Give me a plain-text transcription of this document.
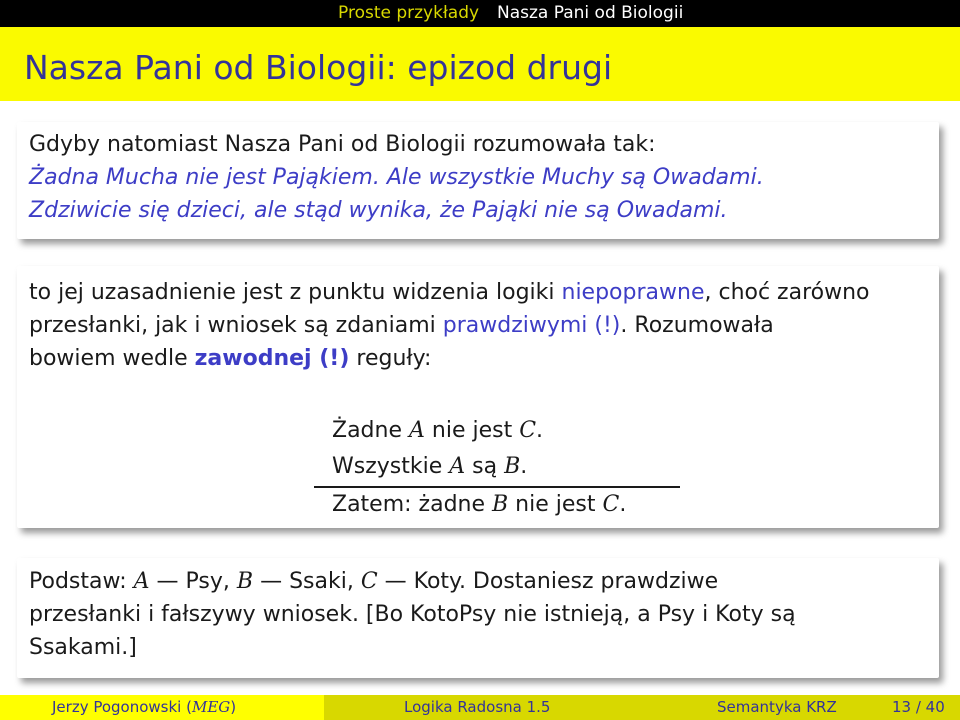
Proste przykłady Nasza Pani od Biologii
Nasza Pani od Biologii: epizod drugi

Gdyby natomiast Nasza Pani od Biologii rozumowała tak:

Żadna Mucha nie jest Pająkiem. Ale wszystkie Muchy są Owadami.

Zdziwicie się dzieci, ale stąd wynika, że Pająki nie są Owadami.

to jej uzasadnienie jest z punktu widzenia logiki niepoprawne, choć zarówno

przesłanki, jak i wniosek są zdaniami prawdziwymi (!). Rozumowała

bowiem wedle zawodnej (!) reguły:

Żadne A nie jest C.
Wszystkie A są B.
Zatem: żadne B nie jest C.

Podstaw: A — Psy, B — Ssaki, C — Koty. Dostaniesz prawdziwe

przesłanki i fałszywy wniosek. [Bo KotoPsy nie istnieją, a Psy i Koty są

Ssakami.]

Jerzy Pogonowski (MEG)	Logika Radosna 1.5	Semantyka KRZ	13 / 40
